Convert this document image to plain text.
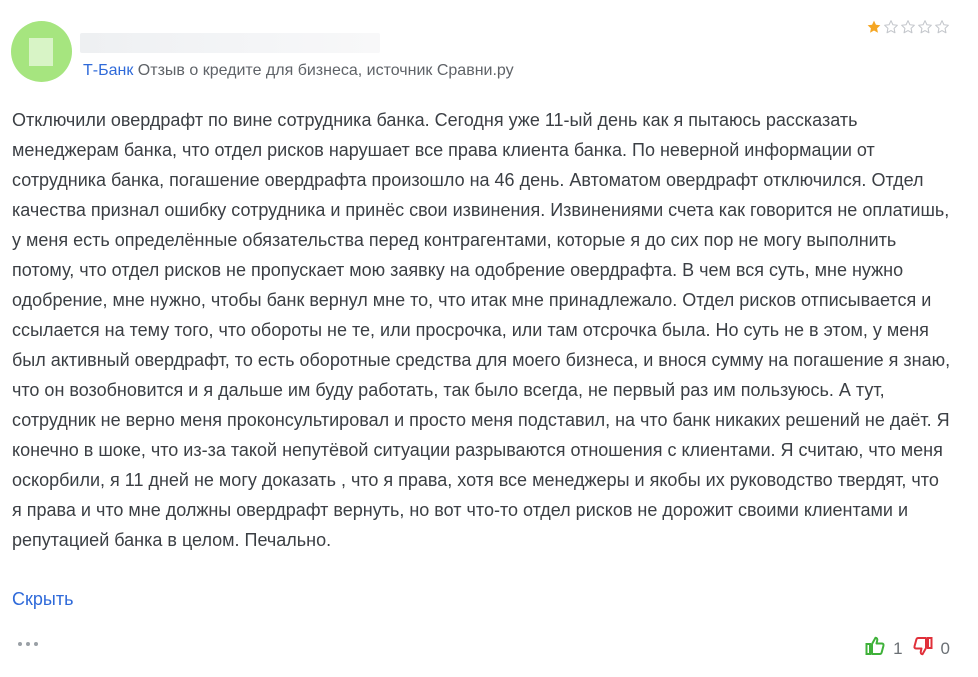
Т-Банк Отзыв о кредите для бизнеса, источник Сравни.ру

Отключили овердрафт по вине сотрудника банка. Сегодня уже 11-ый день как я пытаюсь рассказать менеджерам банка, что отдел рисков нарушает все права клиента банка. По неверной информации от сотрудника банка, погашение овердрафта произошло на 46 день. Автоматом овердрафт отключился. Отдел качества признал ошибку сотрудника и принёс свои извинения. Извинениями счета как говорится не оплатишь, у меня есть определённые обязательства перед контрагентами, которые я до сих пор не могу выполнить потому, что отдел рисков не пропускает мою заявку на одобрение овердрафта. В чем вся суть, мне нужно одобрение, мне нужно, чтобы банк вернул мне то, что итак мне принадлежало. Отдел рисков отписывается и ссылается на тему того, что обороты не те, или просрочка, или там отсрочка была. Но суть не в этом, у меня был активный овердрафт, то есть оборотные средства для моего бизнеса, и внося сумму на погашение я знаю, что он возобновится и я дальше им буду работать, так было всегда, не первый раз им пользуюсь. А тут, сотрудник не верно меня проконсультировал и просто меня подставил, на что банк никаких решений не даёт. Я конечно в шоке, что из-за такой непутёвой ситуации разрываются отношения с клиентами. Я считаю, что меня оскорбили, я 11 дней не могу доказать , что я права, хотя все менеджеры и якобы их руководство твердят, что я права и что мне должны овердрафт вернуть, но вот что-то отдел рисков не дорожит своими клиентами и репутацией банка в целом. Печально.

Скрыть
1 0
